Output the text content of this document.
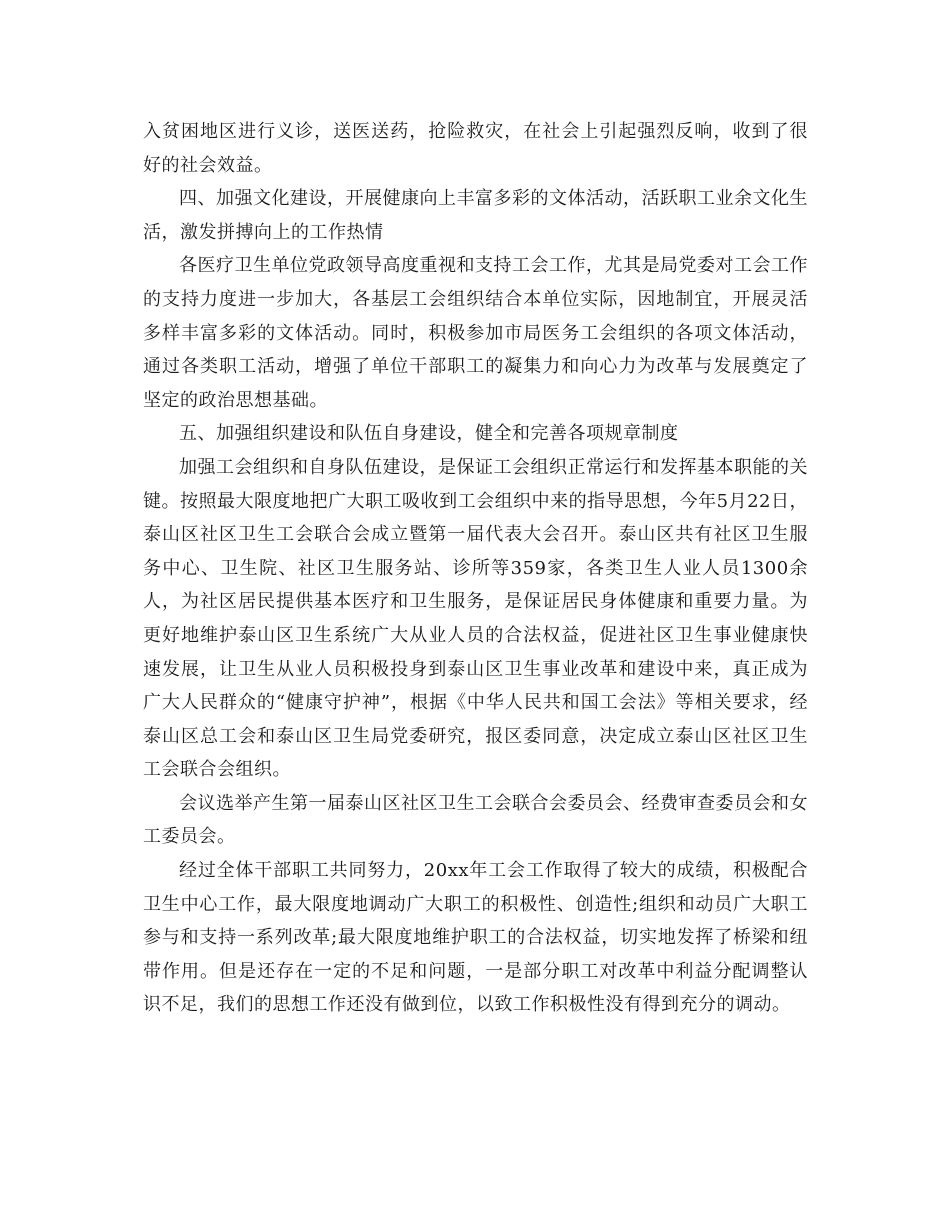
入贫困地区进行义诊，送医送药，抢险救灾，在社会上引起强烈反响，收到了很好的社会效益。

四、加强文化建设，开展健康向上丰富多彩的文体活动，活跃职工业余文化生活，激发拼搏向上的工作热情

各医疗卫生单位党政领导高度重视和支持工会工作，尤其是局党委对工会工作的支持力度进一步加大，各基层工会组织结合本单位实际，因地制宜，开展灵活多样丰富多彩的文体活动。同时，积极参加市局医务工会组织的各项文体活动，通过各类职工活动，增强了单位干部职工的凝集力和向心力为改革与发展奠定了坚定的政治思想基础。

五、加强组织建设和队伍自身建设，健全和完善各项规章制度

加强工会组织和自身队伍建设，是保证工会组织正常运行和发挥基本职能的关键。按照最大限度地把广大职工吸收到工会组织中来的指导思想，今年5月22日，泰山区社区卫生工会联合会成立暨第一届代表大会召开。泰山区共有社区卫生服务中心、卫生院、社区卫生服务站、诊所等359家，各类卫生人业人员1300余人，为社区居民提供基本医疗和卫生服务，是保证居民身体健康和重要力量。为更好地维护泰山区卫生系统广大从业人员的合法权益，促进社区卫生事业健康快速发展，让卫生从业人员积极投身到泰山区卫生事业改革和建设中来，真正成为广大人民群众的“健康守护神”，根据《中华人民共和国工会法》等相关要求，经泰山区总工会和泰山区卫生局党委研究，报区委同意，决定成立泰山区社区卫生工会联合会组织。

会议选举产生第一届泰山区社区卫生工会联合会委员会、经费审查委员会和女工委员会。

经过全体干部职工共同努力，20xx年工会工作取得了较大的成绩，积极配合卫生中心工作，最大限度地调动广大职工的积极性、创造性;组织和动员广大职工参与和支持一系列改革;最大限度地维护职工的合法权益，切实地发挥了桥梁和纽带作用。但是还存在一定的不足和问题，一是部分职工对改革中利益分配调整认识不足，我们的思想工作还没有做到位，以致工作积极性没有得到充分的调动。
